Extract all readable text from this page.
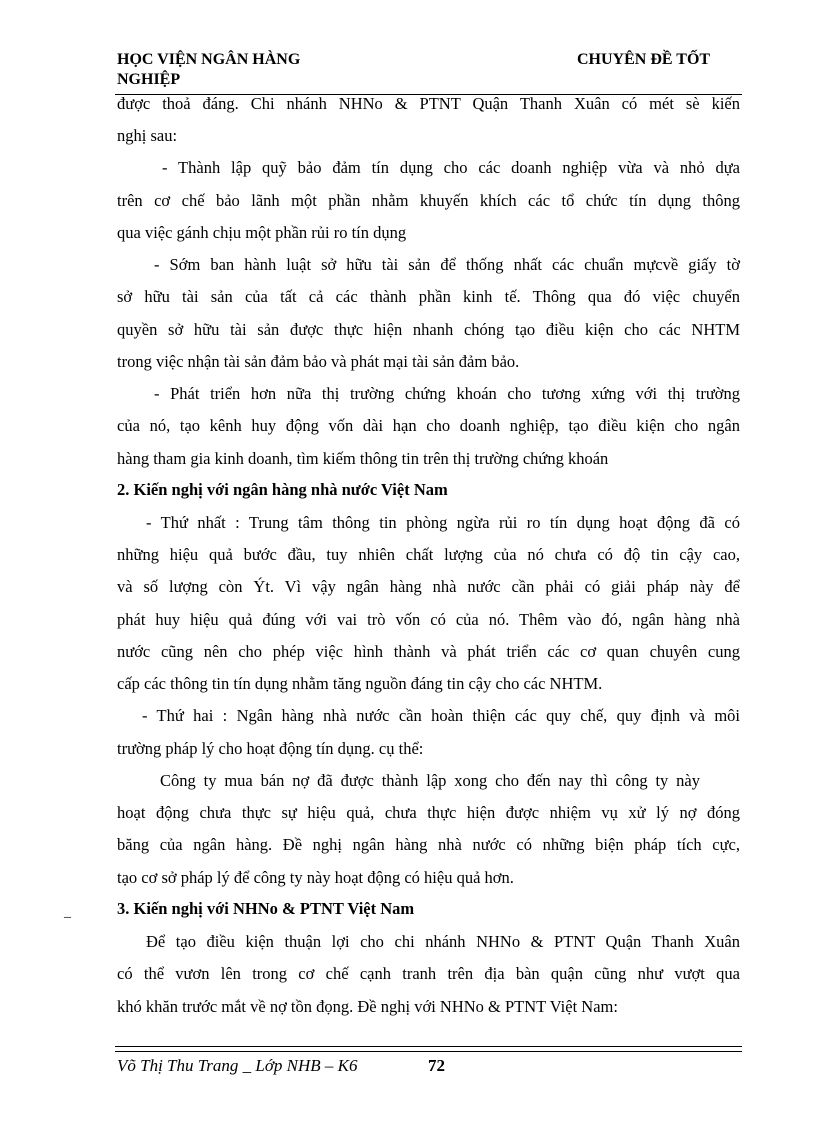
HỌC VIỆN NGÂN HÀNG	CHUYÊN ĐỀ TỐT
NGHIỆP
được thoả đáng. Chi nhánh NHNo & PTNT Quận Thanh Xuân có mét sè kiến
nghị sau:
- Thành lập quỹ bảo đảm tín dụng cho các doanh nghiệp vừa và nhỏ dựa
trên cơ chế bảo lãnh một phần nhằm khuyến khích các tổ chức tín dụng thông
qua việc gánh chịu một phần rủi ro tín dụng
- Sớm ban hành luật sở hữu tài sản để thống nhất các chuẩn mựcvề giấy tờ
sở hữu tài sản của tất cả các thành phần kinh tế. Thông qua đó việc chuyển
quyền sở hữu tài sản được thực hiện nhanh chóng tạo điều kiện cho các NHTM
trong việc nhận tài sản đảm bảo và phát mại tài sản đảm bảo.
- Phát triển hơn nữa thị trường chứng khoán cho tương xứng với thị trường
của nó, tạo kênh huy động vốn dài hạn cho doanh nghiệp, tạo điều kiện cho ngân
hàng tham gia kinh doanh, tìm kiếm thông tin trên thị trường chứng khoán
2. Kiến nghị với ngân hàng nhà nước Việt Nam
- Thứ nhất : Trung tâm thông tin phòng ngừa rủi ro tín dụng hoạt động đã có
những hiệu quả bước đầu, tuy nhiên chất lượng của nó chưa có độ tin cậy cao,
và số lượng còn Ýt. Vì vậy ngân hàng nhà nước cần phải có giải pháp này để
phát huy hiệu quả đúng với vai trò vốn có của nó. Thêm vào đó, ngân hàng nhà
nước cũng nên cho phép việc hình thành và phát triển các cơ quan chuyên cung
cấp các thông tin tín dụng nhằm tăng nguồn đáng tin cậy cho các NHTM.
- Thứ hai : Ngân hàng nhà nước cần hoàn thiện các quy chế, quy định và môi
trường pháp lý cho hoạt động tín dụng. cụ thể:
Công ty mua bán nợ đã được thành lập xong cho đến nay thì công ty này
hoạt động chưa thực sự hiệu quả, chưa thực hiện được nhiệm vụ xử lý nợ đóng
băng của ngân hàng. Đề nghị ngân hàng nhà nước có những biện pháp tích cực,
tạo cơ sở pháp lý để công ty này hoạt động có hiệu quả hơn.
3. Kiến nghị với NHNo & PTNT Việt Nam
Để tạo điều kiện thuận lợi cho chi nhánh NHNo & PTNT Quận Thanh Xuân
có thể vươn lên trong cơ chế cạnh tranh trên địa bàn quận cũng như vượt qua
khó khăn trước mắt về nợ tồn đọng. Đề nghị với NHNo & PTNT Việt Nam:
_
Võ Thị Thu Trang _ Lớp NHB – K6	72
